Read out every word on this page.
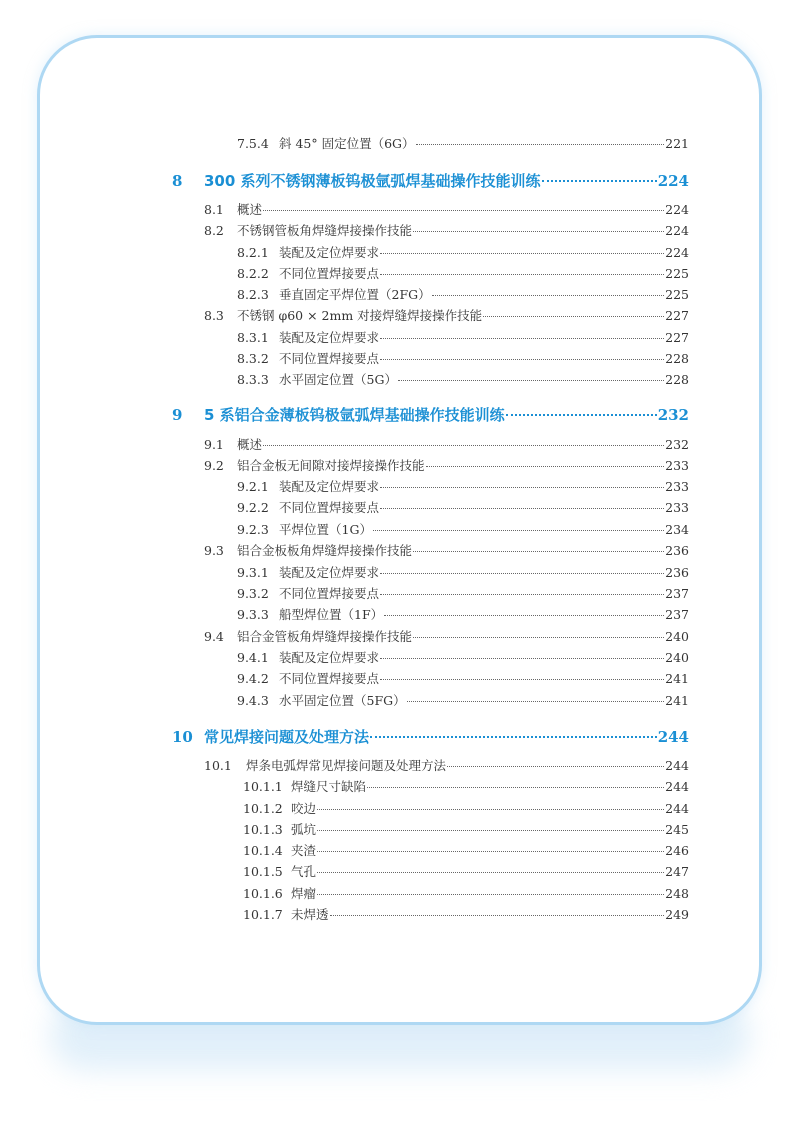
7.5.4 斜 45° 固定位置（6G）	221
8	300 系列不锈钢薄板钨极氩弧焊基础操作技能训练	224
8.1	概述	224
8.2	不锈钢管板角焊缝焊接操作技能	224
8.2.1 装配及定位焊要求	224
8.2.2 不同位置焊接要点	225
8.2.3 垂直固定平焊位置（2FG）	225
8.3	不锈钢 φ60 × 2mm 对接焊缝焊接操作技能	227
8.3.1 装配及定位焊要求	227
8.3.2 不同位置焊接要点	228
8.3.3 水平固定位置（5G）	228
9	5 系铝合金薄板钨极氩弧焊基础操作技能训练	232
9.1	概述	232
9.2	铝合金板无间隙对接焊接操作技能	233
9.2.1 装配及定位焊要求	233
9.2.2 不同位置焊接要点	233
9.2.3 平焊位置（1G）	234
9.3	铝合金板板角焊缝焊接操作技能	236
9.3.1 装配及定位焊要求	236
9.3.2 不同位置焊接要点	237
9.3.3 船型焊位置（1F）	237
9.4	铝合金管板角焊缝焊接操作技能	240
9.4.1 装配及定位焊要求	240
9.4.2 不同位置焊接要点	241
9.4.3 水平固定位置（5FG）	241
10 常见焊接问题及处理方法	244
10.1	焊条电弧焊常见焊接问题及处理方法	244
10.1.1 焊缝尺寸缺陷	244
10.1.2 咬边	244
10.1.3 弧坑	245
10.1.4 夹渣	246
10.1.5 气孔	247
10.1.6 焊瘤	248
10.1.7 未焊透	249
